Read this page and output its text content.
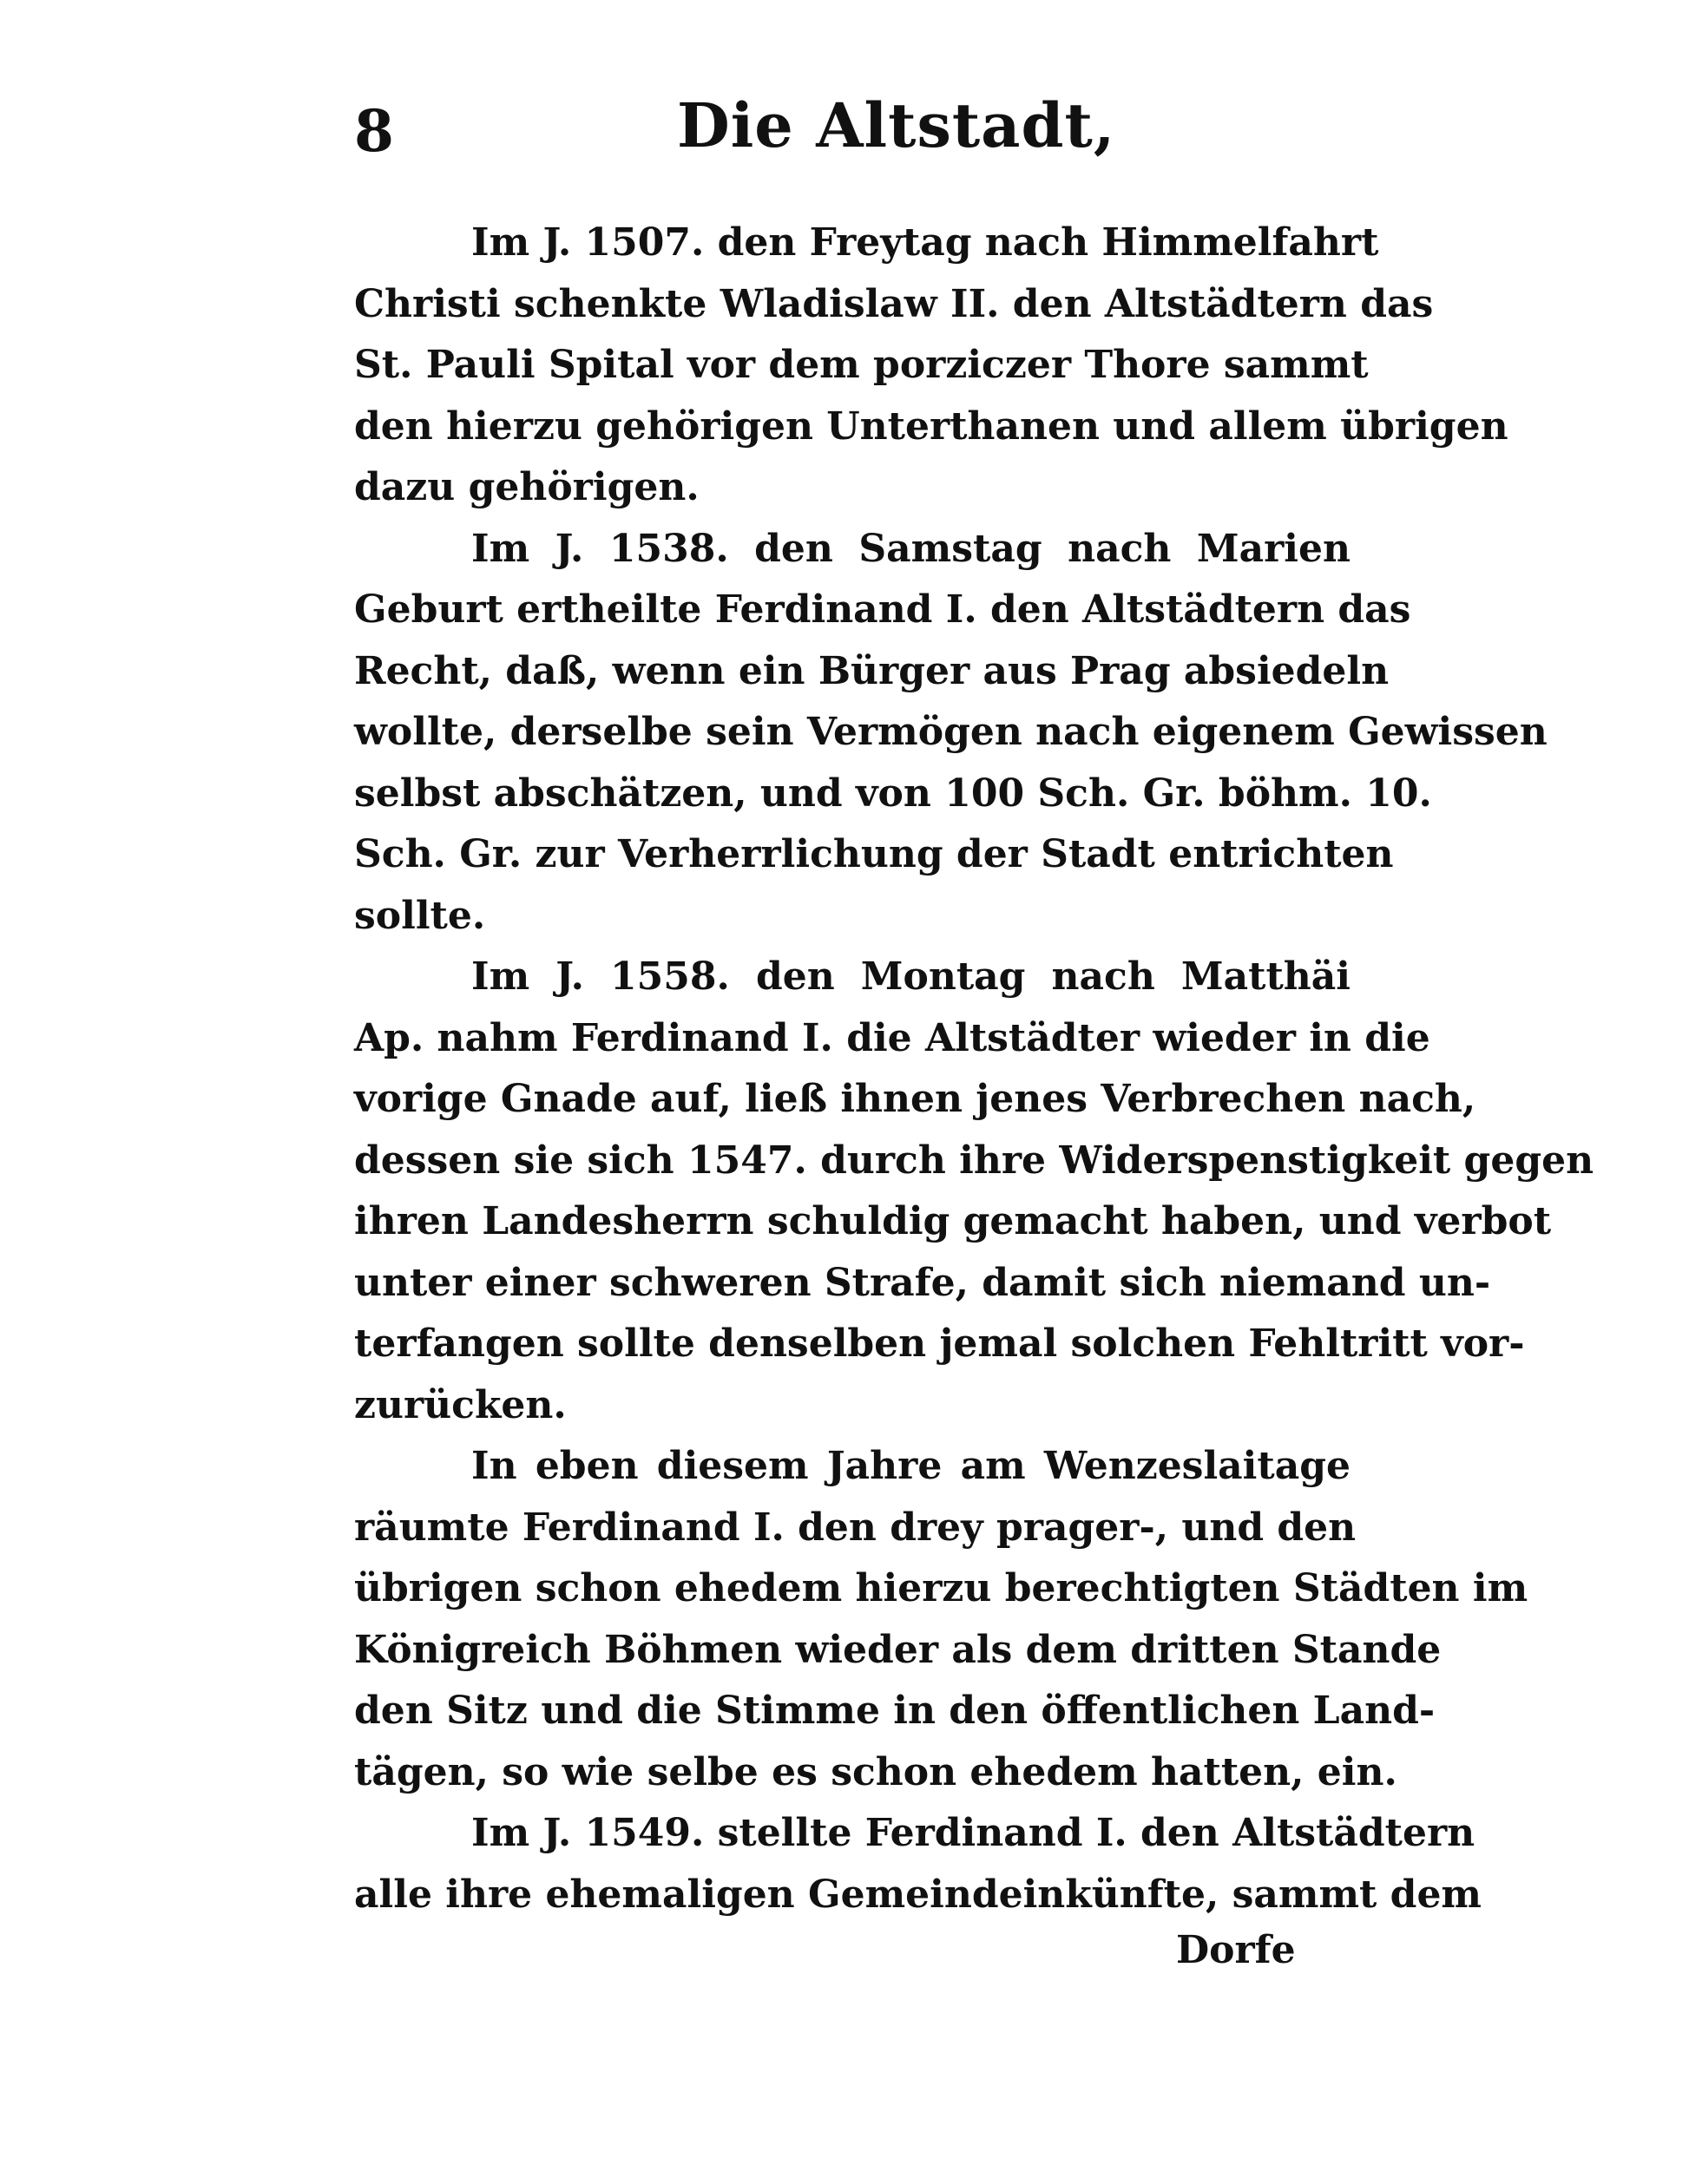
8	Die Altstadt,
Im J. 1507. den Freytag nach Himmelfahrt
Christi schenkte Wladislaw II. den Altstädtern das
St. Pauli Spital vor dem porziczer Thore sammt
den hierzu gehörigen Unterthanen und allem übrigen
dazu gehörigen.
Im J. 1538. den Samstag nach Marien
Geburt ertheilte Ferdinand I. den Altstädtern das
Recht, daß, wenn ein Bürger aus Prag absiedeln
wollte, derselbe sein Vermögen nach eigenem Gewissen
selbst abschätzen, und von 100 Sch. Gr. böhm. 10.
Sch. Gr. zur Verherrlichung der Stadt entrichten
sollte.
Im J. 1558. den Montag nach Matthäi
Ap. nahm Ferdinand I. die Altstädter wieder in die
vorige Gnade auf, ließ ihnen jenes Verbrechen nach,
dessen sie sich 1547. durch ihre Widerspenstigkeit gegen
ihren Landesherrn schuldig gemacht haben, und verbot
unter einer schweren Strafe, damit sich niemand un-
terfangen sollte denselben jemal solchen Fehltritt vor-
zurücken.
In eben diesem Jahre am Wenzeslaitage
räumte Ferdinand I. den drey prager-, und den
übrigen schon ehedem hierzu berechtigten Städten im
Königreich Böhmen wieder als dem dritten Stande
den Sitz und die Stimme in den öffentlichen Land-
tägen, so wie selbe es schon ehedem hatten, ein.
Im J. 1549. stellte Ferdinand I. den Altstädtern
alle ihre ehemaligen Gemeindeinkünfte, sammt dem
Dorfe
